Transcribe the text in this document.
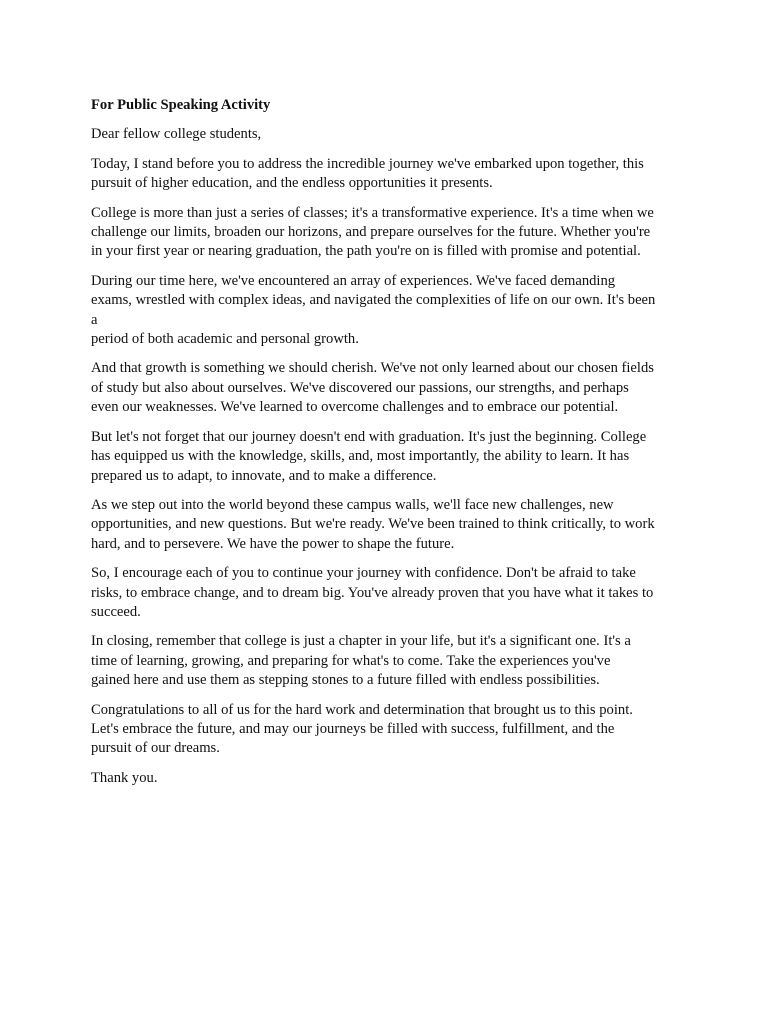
For Public Speaking Activity
Dear fellow college students,
Today, I stand before you to address the incredible journey we've embarked upon together, this
pursuit of higher education, and the endless opportunities it presents.
College is more than just a series of classes; it's a transformative experience. It's a time when we
challenge our limits, broaden our horizons, and prepare ourselves for the future. Whether you're
in your first year or nearing graduation, the path you're on is filled with promise and potential.
During our time here, we've encountered an array of experiences. We've faced demanding
exams, wrestled with complex ideas, and navigated the complexities of life on our own. It's been
a
period of both academic and personal growth.
And that growth is something we should cherish. We've not only learned about our chosen fields
of study but also about ourselves. We've discovered our passions, our strengths, and perhaps
even our weaknesses. We've learned to overcome challenges and to embrace our potential.
But let's not forget that our journey doesn't end with graduation. It's just the beginning. College
has equipped us with the knowledge, skills, and, most importantly, the ability to learn. It has
prepared us to adapt, to innovate, and to make a difference.
As we step out into the world beyond these campus walls, we'll face new challenges, new
opportunities, and new questions. But we're ready. We've been trained to think critically, to work
hard, and to persevere. We have the power to shape the future.
So, I encourage each of you to continue your journey with confidence. Don't be afraid to take
risks, to embrace change, and to dream big. You've already proven that you have what it takes to
succeed.
In closing, remember that college is just a chapter in your life, but it's a significant one. It's a
time of learning, growing, and preparing for what's to come. Take the experiences you've
gained here and use them as stepping stones to a future filled with endless possibilities.
Congratulations to all of us for the hard work and determination that brought us to this point.
Let's embrace the future, and may our journeys be filled with success, fulfillment, and the
pursuit of our dreams.
Thank you.
